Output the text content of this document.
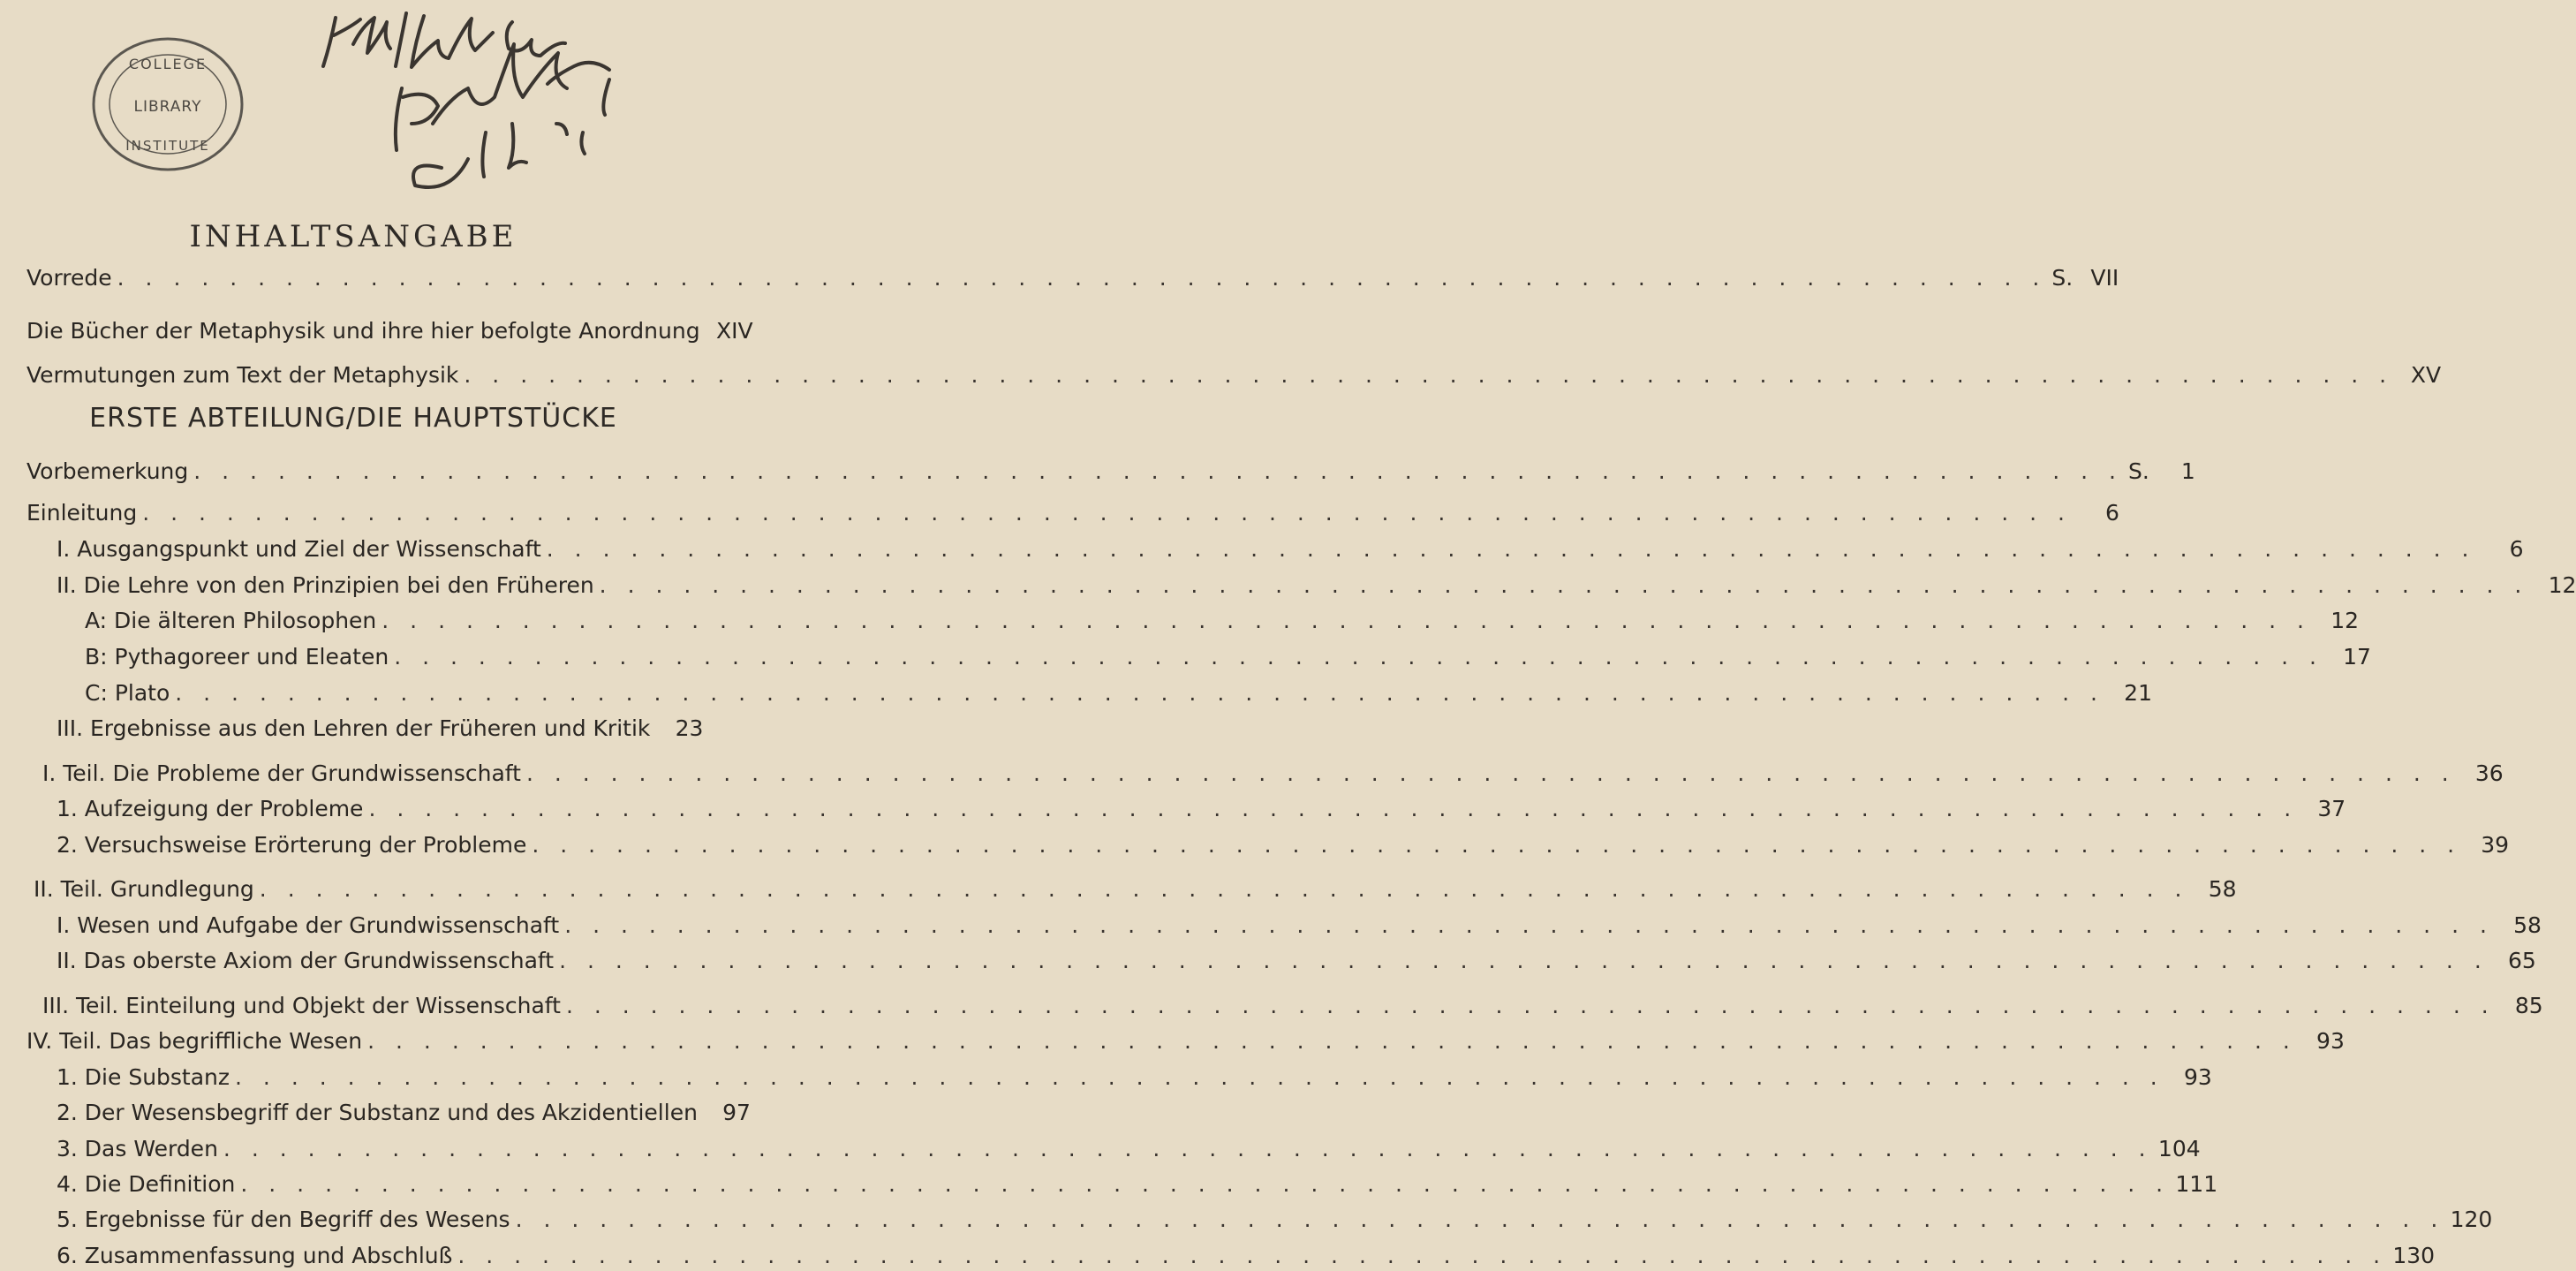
COLLEGE
LIBRARY
INSTITUTE
Karl Wittmann
INHALTSANGABE
Vorrede . . .	S. VII
Die Bücher der Metaphysik und ihre hier befolgte Anordnung XIV
Vermutungen zum Text der Metaphysik . . .	XV
ERSTE ABTEILUNG/DIE HAUPTSTÜCKE
Vorbemerkung . . .	S.	1
Einleitung . . .	6
I. Ausgangspunkt und Ziel der Wissenschaft . . .	6
II. Die Lehre von den Prinzipien bei den Früheren . . .	12
A: Die älteren Philosophen . . .	12
B: Pythagoreer und Eleaten . . .	17
C: Plato . . .	21
III. Ergebnisse aus den Lehren der Früheren und Kritik	23
I. Teil. Die Probleme der Grundwissenschaft . . .	36
1. Aufzeigung der Probleme . . .	37
2. Versuchsweise Erörterung der Probleme . . .	39
II. Teil. Grundlegung . . .	58
I. Wesen und Aufgabe der Grundwissenschaft . . .	58
II. Das oberste Axiom der Grundwissenschaft . . .	65
III. Teil. Einteilung und Objekt der Wissenschaft . . .	85
IV. Teil. Das begriffliche Wesen . . .	93
1. Die Substanz . . .	93
2. Der Wesensbegriff der Substanz und des Akzidentiellen	97
3. Das Werden . . .	104
4. Die Definition . . .	111
5. Ergebnisse für den Begriff des Wesens . . .	120
6. Zusammenfassung und Abschluß . . .	130
